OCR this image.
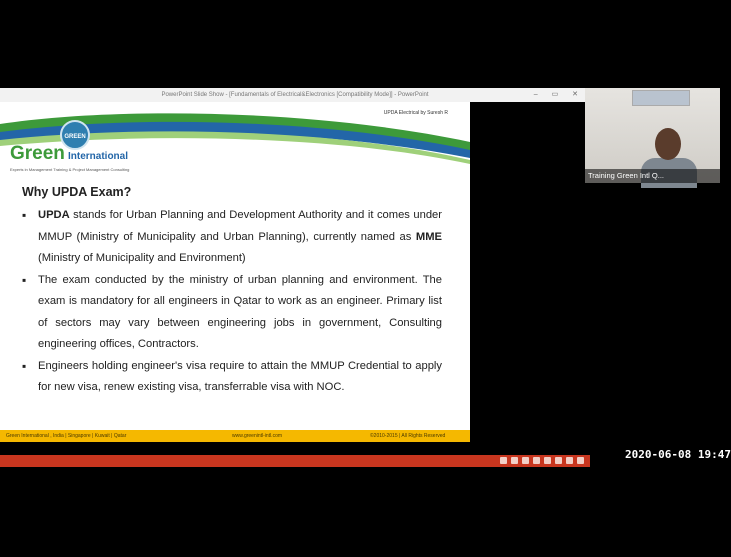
PowerPoint Slide Show - [Fundamentals of Electrical&Electronics [Compatibility Mode]] - PowerPoint	– ▭ ✕
UPDA Electrical by Suresh R
GREEN
Green International
Experts in Management Training & Project Management Consulting
Why UPDA Exam?
▪ UPDA stands for Urban Planning and Development Authority and it comes under MMUP (Ministry of Municipality and Urban Planning), currently named as MME (Ministry of Municipality and Environment)
▪ The exam conducted by the ministry of urban planning and environment. The exam is mandatory for all engineers in Qatar to work as an engineer. Primary list of sectors may vary between engineering jobs in government, Consulting engineering offices, Contractors.
▪ Engineers holding engineer's visa require to attain the MMUP Credential to apply for new visa, renew existing visa, transferrable visa with NOC.
Green International , India | Singapore | Kuwait | Qatar	www.greenintl-intl.com	©2010-2015 | All Rights Reserved
Training Green Intl Q...
2020-06-08 19:47
